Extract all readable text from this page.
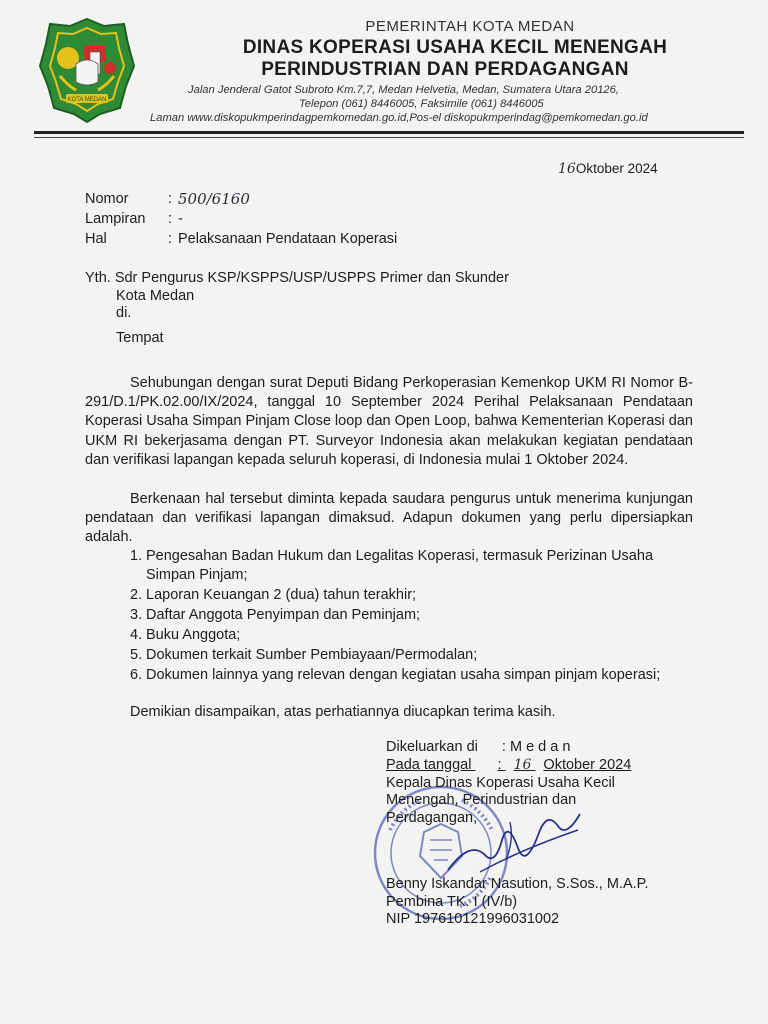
KOTA MEDAN
PEMERINTAH KOTA MEDAN
DINAS KOPERASI USAHA KECIL MENENGAH
PERINDUSTRIAN DAN PERDAGANGAN
Jalan Jenderal Gatot Subroto Km.7,7, Medan Helvetia, Medan, Sumatera Utara 20126,
Telepon (061) 8446005, Faksimile (061) 8446005
Laman www.diskopukmperindagpemkomedan.go.id,Pos-el diskopukmperindag@pemkomedan.go.id
16Oktober 2024
Nomor	: 500/6160
Lampiran : -
Hal	: Pelaksanaan Pendataan Koperasi
Yth. Sdr Pengurus KSP/KSPPS/USP/USPPS Primer dan Skunder
Kota Medan
di.
Tempat
Sehubungan dengan surat Deputi Bidang Perkoperasian Kemenkop UKM RI Nomor B-291/D.1/PK.02.00/IX/2024, tanggal 10 September 2024 Perihal Pelaksanaan Pendataan Koperasi Usaha Simpan Pinjam Close loop dan Open Loop, bahwa Kementerian Koperasi dan UKM RI bekerjasama dengan PT. Surveyor Indonesia akan melakukan kegiatan pendataan dan verifikasi lapangan kepada seluruh koperasi, di Indonesia mulai 1 Oktober 2024.
Berkenaan hal tersebut diminta kepada saudara pengurus untuk menerima kunjungan pendataan dan verifikasi lapangan dimaksud. Adapun dokumen yang perlu dipersiapkan adalah.
1. Pengesahan Badan Hukum dan Legalitas Koperasi, termasuk Perizinan Usaha Simpan Pinjam;
2. Laporan Keuangan 2 (dua) tahun terakhir;
3. Daftar Anggota Penyimpan dan Peminjam;
4. Buku Anggota;
5. Dokumen terkait Sumber Pembiayaan/Permodalan;
6. Dokumen lainnya yang relevan dengan kegiatan usaha simpan pinjam koperasi;
Demikian disampaikan, atas perhatiannya diucapkan terima kasih.
Dikeluarkan di : M e d a n
Pada tanggal : 16 Oktober 2024
Kepala Dinas Koperasi Usaha Kecil
Menengah, Perindustrian dan
Perdagangan,
Benny Iskandar Nasution, S.Sos., M.A.P.
Pembina TK. I (IV/b)
NIP 197610121996031002
